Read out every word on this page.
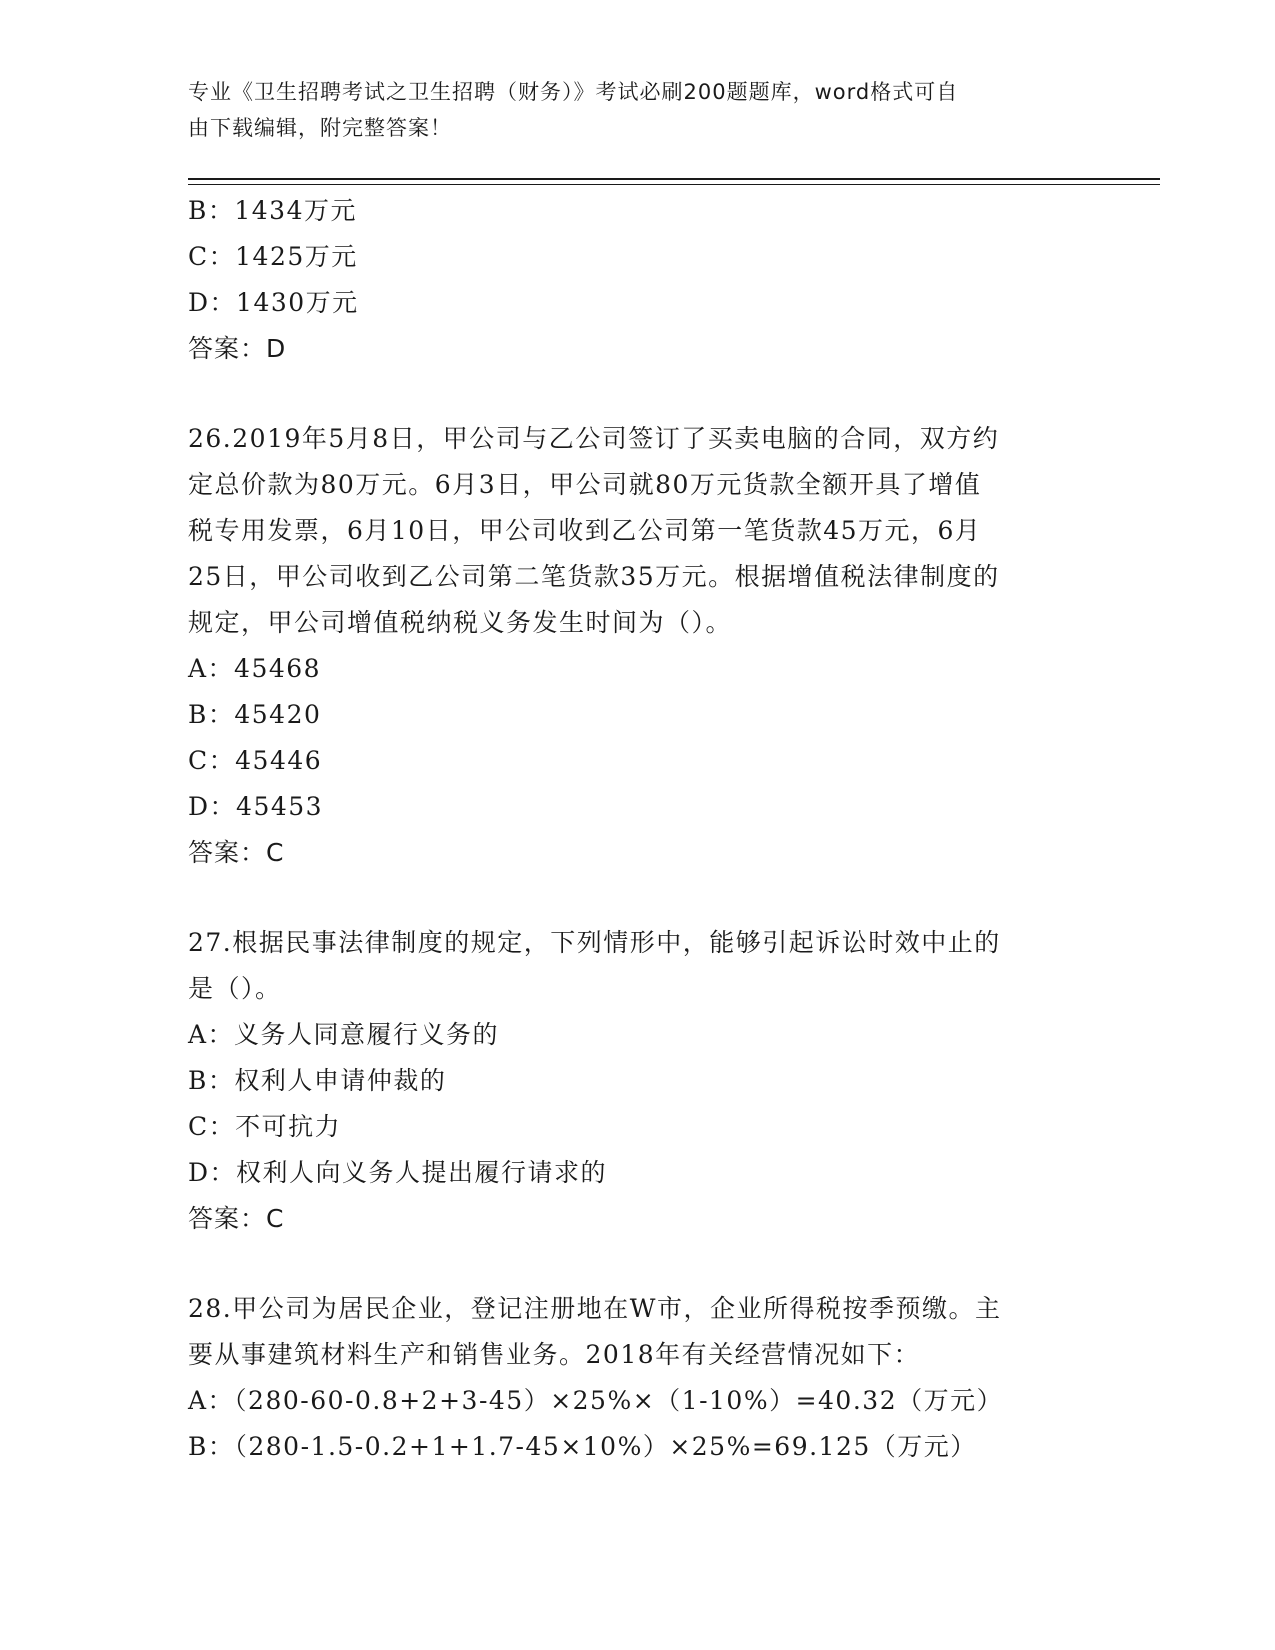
专业《卫生招聘考试之卫生招聘（财务）》考试必刷200题题库，word格式可自
由下载编辑，附完整答案！
B：1434万元
C：1425万元
D：1430万元
答案：D
26.2019年5月8日，甲公司与乙公司签订了买卖电脑的合同，双方约
定总价款为80万元。6月3日，甲公司就80万元货款全额开具了增值
税专用发票，6月10日，甲公司收到乙公司第一笔货款45万元，6月
25日，甲公司收到乙公司第二笔货款35万元。根据增值税法律制度的
规定，甲公司增值税纳税义务发生时间为（）。
A：45468
B：45420
C：45446
D：45453
答案：C
27.根据民事法律制度的规定，下列情形中，能够引起诉讼时效中止的
是（）。
A：义务人同意履行义务的
B：权利人申请仲裁的
C：不可抗力
D：权利人向义务人提出履行请求的
答案：C
28.甲公司为居民企业，登记注册地在W市，企业所得税按季预缴。主
要从事建筑材料生产和销售业务。2018年有关经营情况如下：
A：（280-60-0.8+2+3-45）×25%×（1-10%）=40.32（万元）
B：（280-1.5-0.2+1+1.7-45×10%）×25%=69.125（万元）
